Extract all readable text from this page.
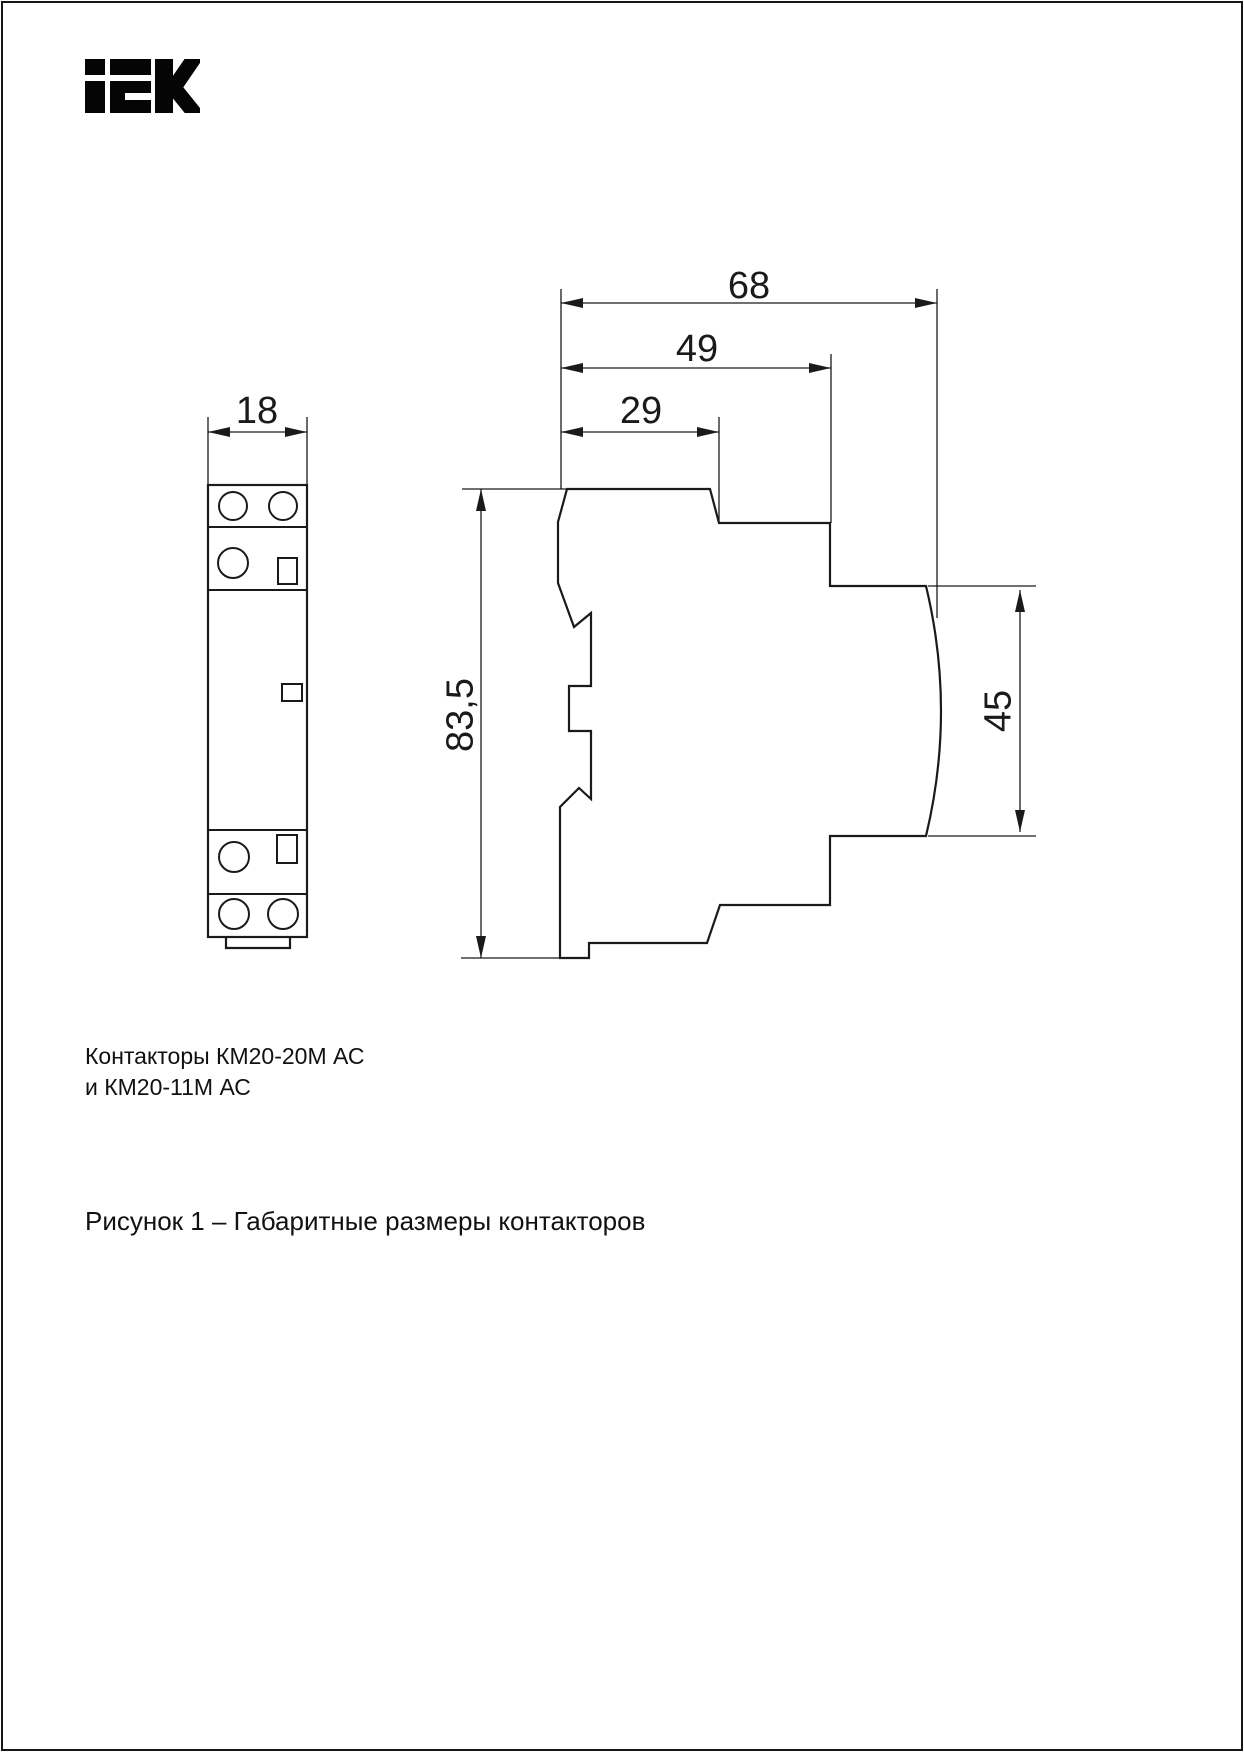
18
68
49
29
83,5	45
Контакторы КМ20-20М АС
и КМ20-11М АС
Рисунок 1 – Габаритные размеры контакторов
